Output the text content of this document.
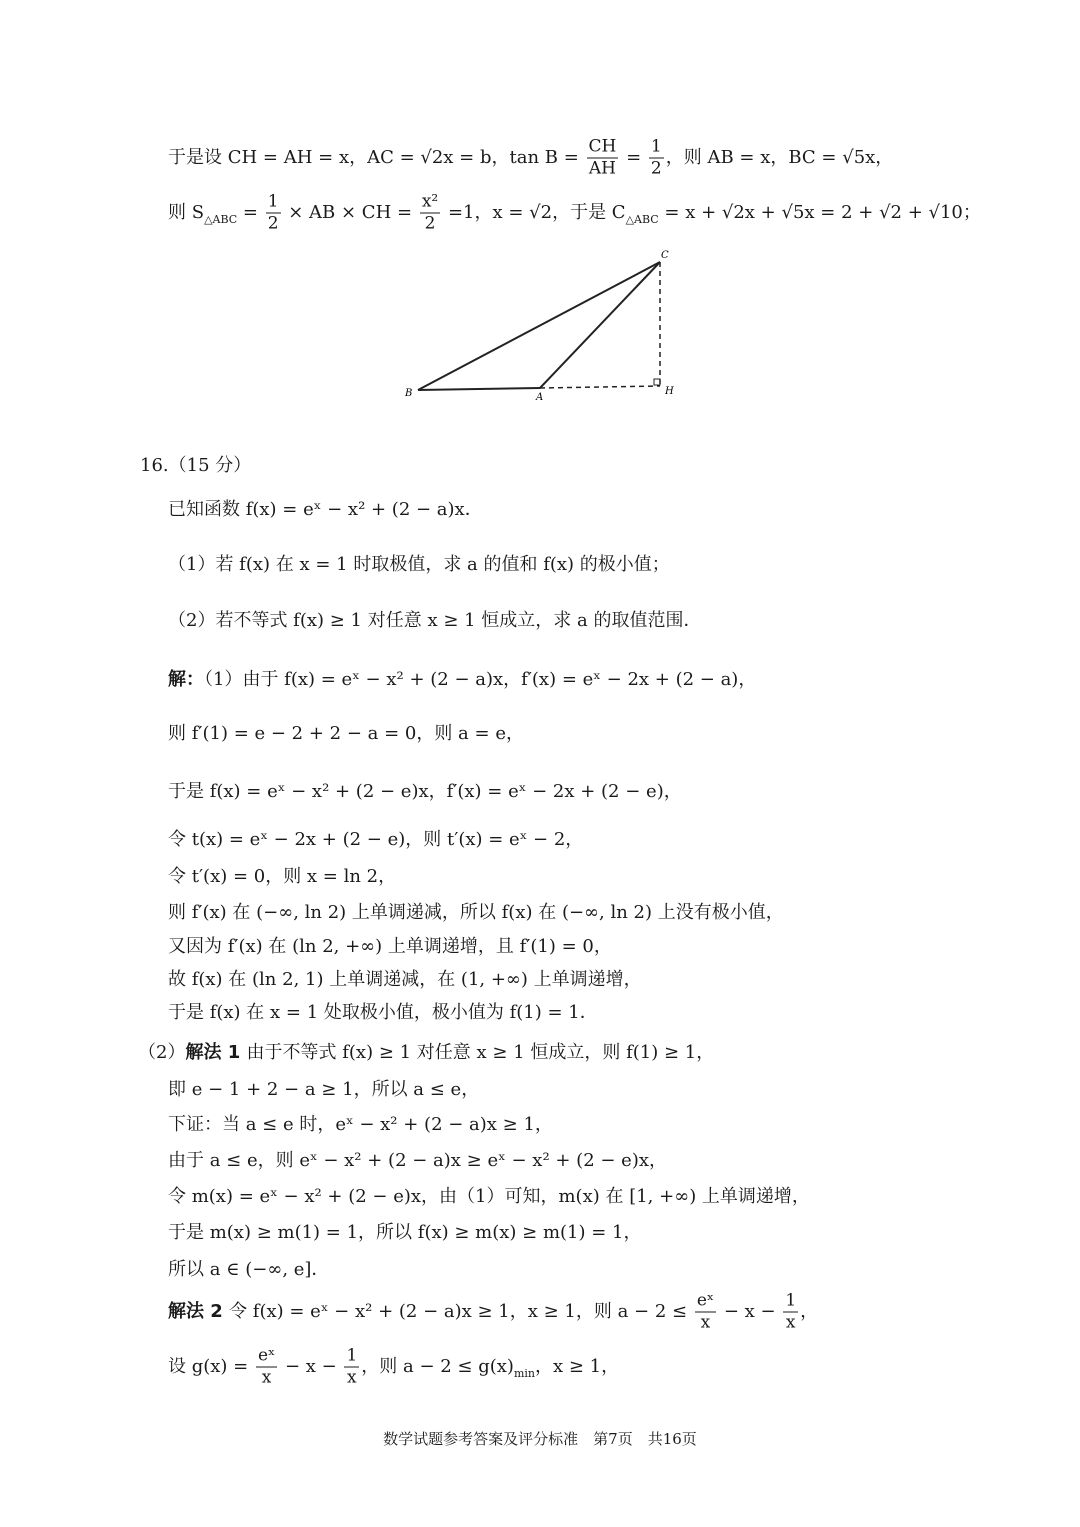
于是设 CH = AH = x，AC = √2x = b，$\tan B = \frac{CH}{AH} = \frac{1}{2}$ ，则 AB = x，BC = √5x，
则 $S_{\triangle ABC} = \frac{1}{2}$ × AB × CH = $\frac{\text{x²}}{2} =1$，x = √2，于是 $C_{\triangle ABC} = x + √2x + √5x = 2 + √2 + √10$；
16.（15 分）
已知函数 f(x) = eˣ − x² + (2 − a)x．
（1）若 f(x) 在 x = 1 时取极值，求 a 的值和 f(x) 的极小值；
（2）若不等式 f(x) ≥ 1 对任意 x ≥ 1 恒成立，求 a 的取值范围．
解：（1）由于 f(x) = eˣ − x² + (2 − a)x，f′(x) = eˣ − 2x + (2 − a)，
则 f′(1) = e − 2 + 2 − a = 0，则 a = e，
于是 f(x) = eˣ − x² + (2 − e)x，f′(x) = eˣ − 2x + (2 − e)，
令 t(x) = eˣ − 2x + (2 − e)，则 t′(x) = eˣ − 2，
令 t′(x) = 0，则 x = ln 2，
则 f′(x) 在 (−∞, ln 2) 上单调递减，所以 f(x) 在 (−∞, ln 2) 上没有极小值，
又因为 f′(x) 在 (ln 2, +∞) 上单调递增，且 f′(1) = 0，
故 f(x) 在 (ln 2, 1) 上单调递减，在 (1, +∞) 上单调递增，
于是 f(x) 在 x = 1 处取极小值，极小值为 f(1) = 1．
（2）解法 1 由于不等式 f(x) ≥ 1 对任意 x ≥ 1 恒成立，则 f(1) ≥ 1，
即 e − 1 + 2 − a ≥ 1，所以 a ≤ e，
下证：当 a ≤ e 时，eˣ − x² + (2 − a)x ≥ 1，
由于 a ≤ e，则 eˣ − x² + (2 − a)x ≥ eˣ − x² + (2 − e)x，
令 m(x) = eˣ − x² + (2 − e)x，由（1）可知，m(x) 在 [1, +∞) 上单调递增，
于是 m(x) ≥ m(1) = 1，所以 f(x) ≥ m(x) ≥ m(1) = 1，
所以 a ∈ (−∞, e]．
解法 2 令 f(x) = eˣ − x² + (2 − a)x ≥ 1，x ≥ 1，则 $a - 2 \le \frac{\text{eˣ}}{x} - x - \frac{1}{x}$ ，
设 $g(x) = \frac{\text{eˣ}}{x} - x - \frac{1}{x}$ ，则 $a - 2 \le g(x)_{min}$，x ≥ 1，
B	A
H
C
数学试题参考答案及评分标准　第7页　共16页
